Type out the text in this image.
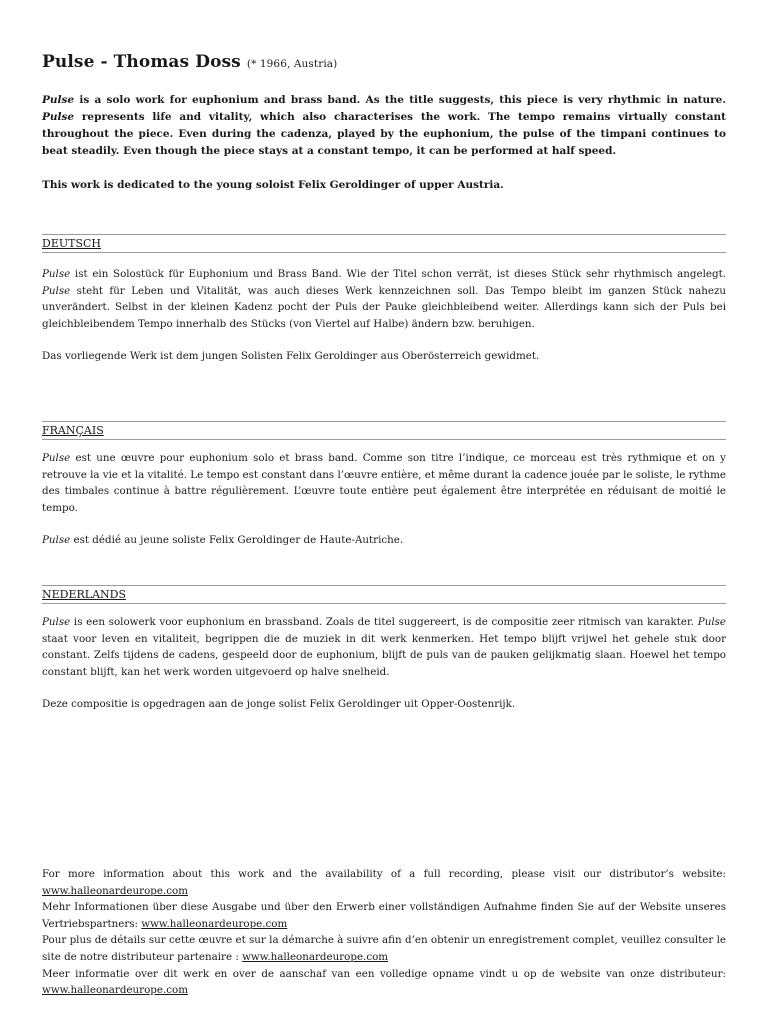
Pulse - Thomas Doss (* 1966, Austria)

Pulse is a solo work for euphonium and brass band. As the title suggests, this piece is very rhythmic in nature. Pulse represents life and vitality, which also characterises the work. The tempo remains virtually constant throughout the piece. Even during the cadenza, played by the euphonium, the pulse of the timpani continues to beat steadily. Even though the piece stays at a constant tempo, it can be performed at half speed.

This work is dedicated to the young soloist Felix Geroldinger of upper Austria.

DEUTSCH

Pulse ist ein Solostück für Euphonium und Brass Band. Wie der Titel schon verrät, ist dieses Stück sehr rhythmisch angelegt. Pulse steht für Leben und Vitalität, was auch dieses Werk kennzeichnen soll. Das Tempo bleibt im ganzen Stück nahezu unverändert. Selbst in der kleinen Kadenz pocht der Puls der Pauke gleichbleibend weiter. Allerdings kann sich der Puls bei gleichbleibendem Tempo innerhalb des Stücks (von Viertel auf Halbe) ändern bzw. beruhigen.

Das vorliegende Werk ist dem jungen Solisten Felix Geroldinger aus Oberösterreich gewidmet.

FRANÇAIS

Pulse est une œuvre pour euphonium solo et brass band. Comme son titre l’indique, ce morceau est très rythmique et on y retrouve la vie et la vitalité. Le tempo est constant dans l’œuvre entière, et même durant la cadence jouée par le soliste, le rythme des timbales continue à battre régulièrement. L’œuvre toute entière peut également être interprétée en réduisant de moitié le tempo.

Pulse est dédié au jeune soliste Felix Geroldinger de Haute-Autriche.

NEDERLANDS

Pulse is een solowerk voor euphonium en brassband. Zoals de titel suggereert, is de compositie zeer ritmisch van karakter. Pulse staat voor leven en vitaliteit, begrippen die de muziek in dit werk kenmerken. Het tempo blijft vrijwel het gehele stuk door constant. Zelfs tijdens de cadens, gespeeld door de euphonium, blijft de puls van de pauken gelijkmatig slaan. Hoewel het tempo constant blijft, kan het werk worden uitgevoerd op halve snelheid.

Deze compositie is opgedragen aan de jonge solist Felix Geroldinger uit Opper-Oostenrijk.

For more information about this work and the availability of a full recording, please visit our distributor’s website: www.halleonardeurope.com

Mehr Informationen über diese Ausgabe und über den Erwerb einer vollständigen Aufnahme finden Sie auf der Website unseres Vertriebspartners: www.halleonardeurope.com

Pour plus de détails sur cette œuvre et sur la démarche à suivre afin d’en obtenir un enregistrement complet, veuillez consulter le site de notre distributeur partenaire : www.halleonardeurope.com

Meer informatie over dit werk en over de aanschaf van een volledige opname vindt u op de website van onze distributeur: www.halleonardeurope.com
